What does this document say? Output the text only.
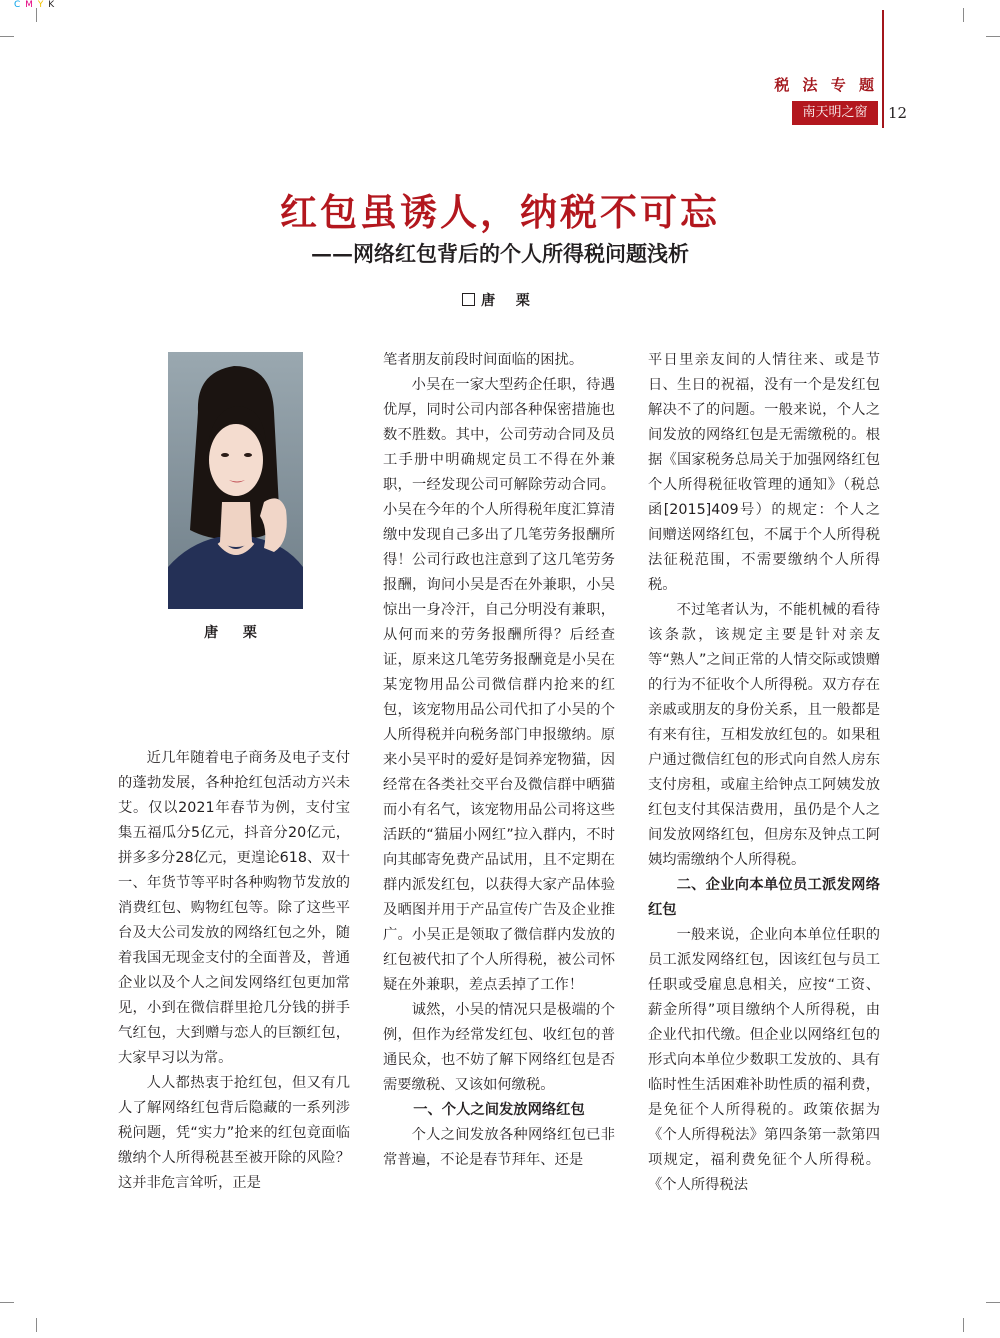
C M Y K
税 法 专 题
南天明之窗	12
红包虽诱人，纳税不可忘
——网络红包背后的个人所得税问题浅析
唐 栗
唐 栗

近几年随着电子商务及电子支付的蓬勃发展，各种抢红包活动方兴未艾。仅以2021年春节为例，支付宝集五福瓜分5亿元，抖音分20亿元，拼多多分28亿元，更遑论618、双十一、年货节等平时各种购物节发放的消费红包、购物红包等。除了这些平台及大公司发放的网络红包之外，随着我国无现金支付的全面普及，普通企业以及个人之间发网络红包更加常见，小到在微信群里抢几分钱的拼手气红包，大到赠与恋人的巨额红包，大家早习以为常。

人人都热衷于抢红包，但又有几人了解网络红包背后隐藏的一系列涉税问题，凭“实力”抢来的红包竟面临缴纳个人所得税甚至被开除的风险？这并非危言耸听，正是

笔者朋友前段时间面临的困扰。

小吴在一家大型药企任职，待遇优厚，同时公司内部各种保密措施也数不胜数。其中，公司劳动合同及员工手册中明确规定员工不得在外兼职，一经发现公司可解除劳动合同。小吴在今年的个人所得税年度汇算清缴中发现自己多出了几笔劳务报酬所得！公司行政也注意到了这几笔劳务报酬，询问小吴是否在外兼职，小吴惊出一身冷汗，自己分明没有兼职，从何而来的劳务报酬所得？后经查证，原来这几笔劳务报酬竟是小吴在某宠物用品公司微信群内抢来的红包，该宠物用品公司代扣了小吴的个人所得税并向税务部门申报缴纳。原来小吴平时的爱好是饲养宠物猫，因经常在各类社交平台及微信群中晒猫而小有名气，该宠物用品公司将这些活跃的“猫届小网红”拉入群内，不时向其邮寄免费产品试用，且不定期在群内派发红包，以获得大家产品体验及晒图并用于产品宣传广告及企业推广。小吴正是领取了微信群内发放的红包被代扣了个人所得税，被公司怀疑在外兼职，差点丢掉了工作！

诚然，小吴的情况只是极端的个例，但作为经常发红包、收红包的普通民众，也不妨了解下网络红包是否需要缴税、又该如何缴税。

一、个人之间发放网络红包

个人之间发放各种网络红包已非常普遍，不论是春节拜年、还是

平日里亲友间的人情往来、或是节日、生日的祝福，没有一个是发红包解决不了的问题。一般来说，个人之间发放的网络红包是无需缴税的。根据《国家税务总局关于加强网络红包个人所得税征收管理的通知》（税总函[2015]409号）的规定：个人之间赠送网络红包，不属于个人所得税法征税范围，不需要缴纳个人所得税。

不过笔者认为，不能机械的看待该条款，该规定主要是针对亲友等“熟人”之间正常的人情交际或馈赠的行为不征收个人所得税。双方存在亲戚或朋友的身份关系，且一般都是有来有往，互相发放红包的。如果租户通过微信红包的形式向自然人房东支付房租，或雇主给钟点工阿姨发放红包支付其保洁费用，虽仍是个人之间发放网络红包，但房东及钟点工阿姨均需缴纳个人所得税。

二、企业向本单位员工派发网络红包

一般来说，企业向本单位任职的员工派发网络红包，因该红包与员工任职或受雇息息相关，应按“工资、薪金所得”项目缴纳个人所得税，由企业代扣代缴。但企业以网络红包的形式向本单位少数职工发放的、具有临时性生活困难补助性质的福利费，是免征个人所得税的。政策依据为《个人所得税法》第四条第一款第四项规定，福利费免征个人所得税。《个人所得税法
